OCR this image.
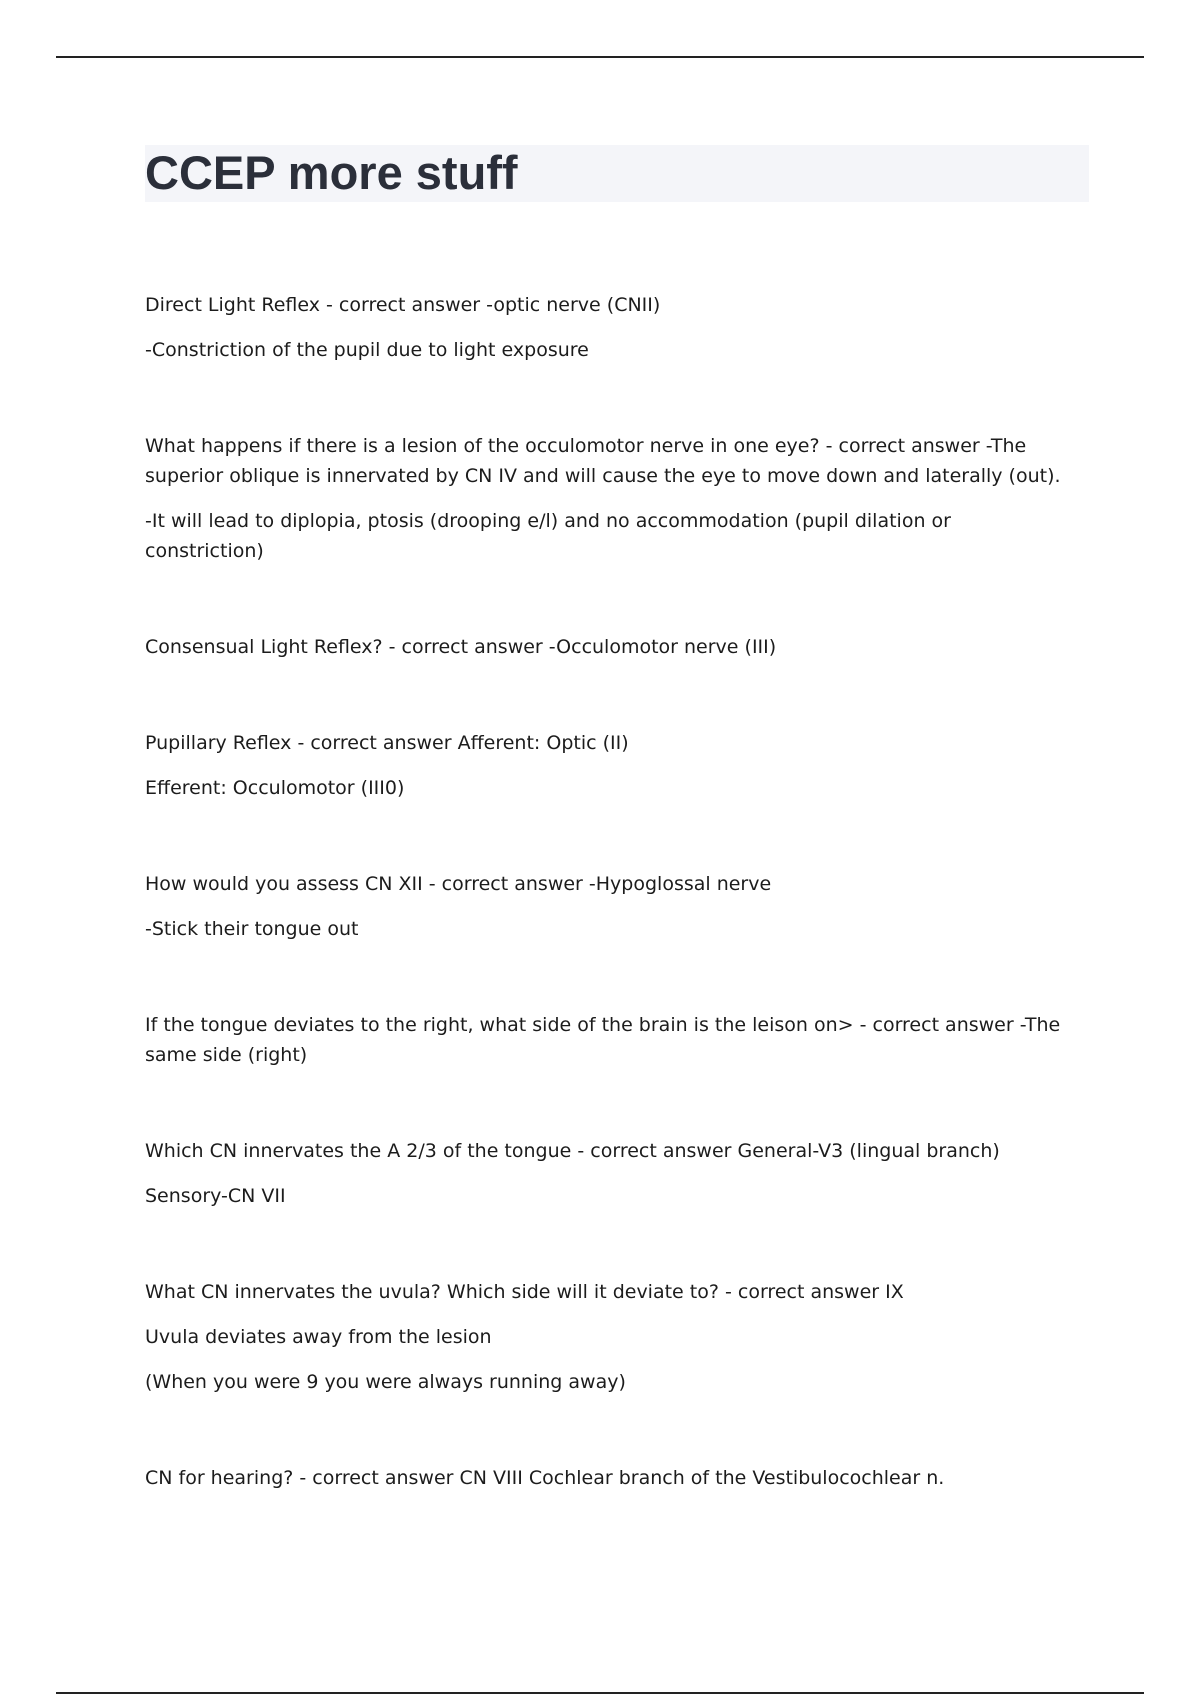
CCEP more stuff

Direct Light Reflex - correct answer -optic nerve (CNII)

-Constriction of the pupil due to light exposure

What happens if there is a lesion of the occulomotor nerve in one eye? - correct answer -The superior oblique is innervated by CN IV and will cause the eye to move down and laterally (out).

-It will lead to diplopia, ptosis (drooping e/l) and no accommodation (pupil dilation or constriction)

Consensual Light Reflex? - correct answer -Occulomotor nerve (III)

Pupillary Reflex - correct answer Afferent: Optic (II)

Efferent: Occulomotor (III0)

How would you assess CN XII - correct answer -Hypoglossal nerve

-Stick their tongue out

If the tongue deviates to the right, what side of the brain is the leison on> - correct answer -The same side (right)

Which CN innervates the A 2/3 of the tongue - correct answer General-V3 (lingual branch)

Sensory-CN VII

What CN innervates the uvula? Which side will it deviate to? - correct answer IX

Uvula deviates away from the lesion

(When you were 9 you were always running away)

CN for hearing? - correct answer CN VIII Cochlear branch of the Vestibulocochlear n.
